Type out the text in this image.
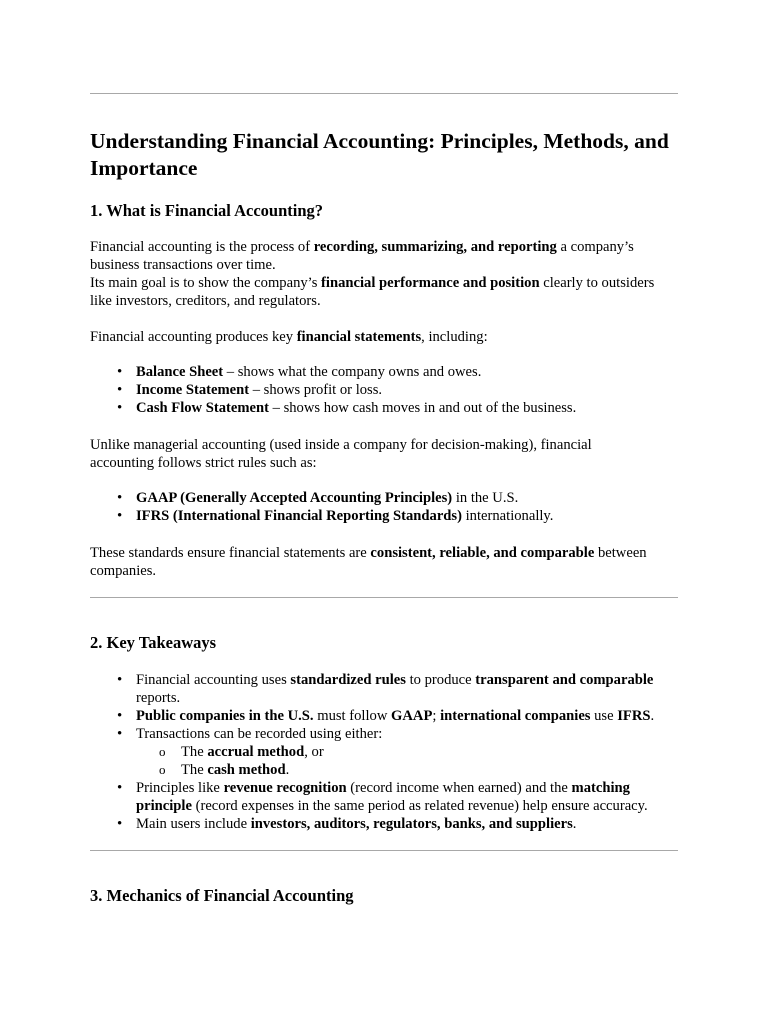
Understanding Financial Accounting: Principles, Methods, and Importance
1. What is Financial Accounting?

Financial accounting is the process of recording, summarizing, and reporting a company’s business transactions over time.

Its main goal is to show the company’s financial performance and position clearly to outsiders like investors, creditors, and regulators.

Financial accounting produces key financial statements, including:

• Balance Sheet – shows what the company owns and owes.
• Income Statement – shows profit or loss.
• Cash Flow Statement – shows how cash moves in and out of the business.

Unlike managerial accounting (used inside a company for decision-making), financial accounting follows strict rules such as:

• GAAP (Generally Accepted Accounting Principles) in the U.S.
• IFRS (International Financial Reporting Standards) internationally.

These standards ensure financial statements are consistent, reliable, and comparable between companies.

2. Key Takeaways
• Financial accounting uses standardized rules to produce transparent and comparable reports.
• Public companies in the U.S. must follow GAAP; international companies use IFRS.
• Transactions can be recorded using either:
o The accrual method, or
o The cash method.
• Principles like revenue recognition (record income when earned) and the matching principle (record expenses in the same period as related revenue) help ensure accuracy.
• Main users include investors, auditors, regulators, banks, and suppliers.
3. Mechanics of Financial Accounting
